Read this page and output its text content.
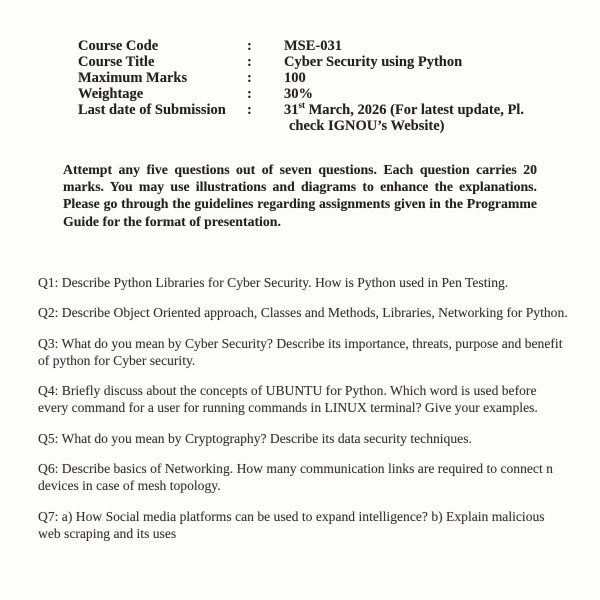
Course Code	:	MSE-031
Course Title	:	Cyber Security using Python
Maximum Marks	:	100
Weightage	:	30%
Last date of Submission	:	31st March, 2026 (For latest update, Pl.
check IGNOU’s Website)

Attempt any five questions out of seven questions. Each question carries 20 marks. You may use illustrations and diagrams to enhance the explanations. Please go through the guidelines regarding assignments given in the Programme Guide for the format of presentation.

Q1: Describe Python Libraries for Cyber Security. How is Python used in Pen Testing.

Q2: Describe Object Oriented approach, Classes and Methods, Libraries, Networking for Python.

Q3: What do you mean by Cyber Security? Describe its importance, threats, purpose and benefit of python for Cyber security.

Q4: Briefly discuss about the concepts of UBUNTU for Python. Which word is used before every command for a user for running commands in LINUX terminal? Give your examples.

Q5: What do you mean by Cryptography? Describe its data security techniques.

Q6: Describe basics of Networking. How many communication links are required to connect n devices in case of mesh topology.

Q7: a) How Social media platforms can be used to expand intelligence? b) Explain malicious web scraping and its uses
